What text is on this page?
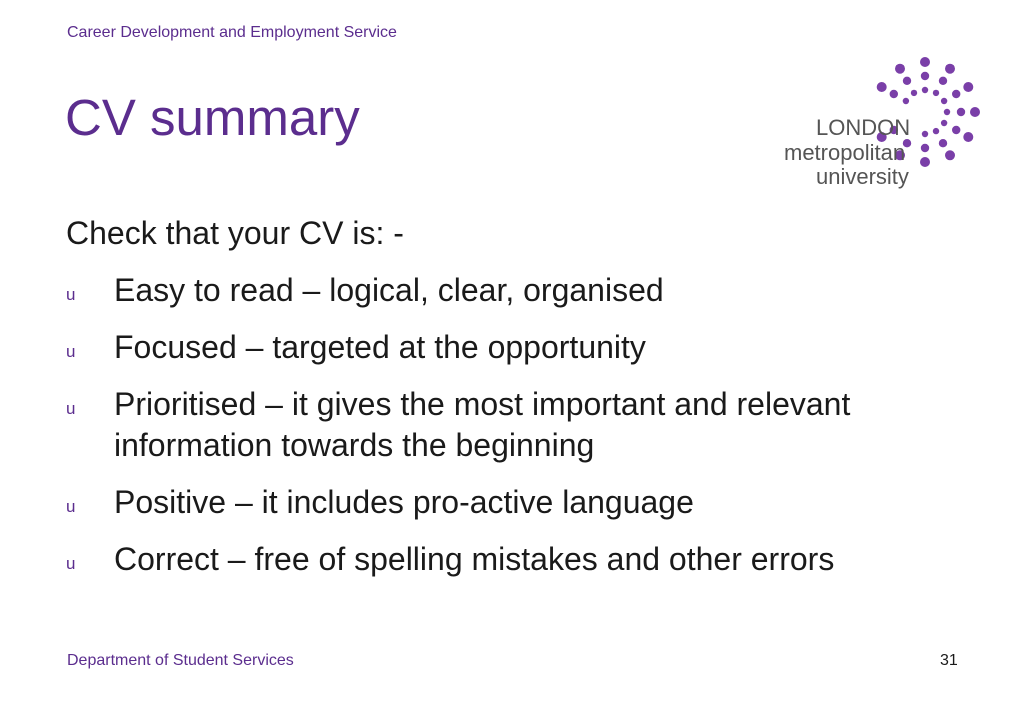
Career Development and Employment Service
CV summary	LONDON
metropolitan
university
Check that your CV is: -
u Easy to read – logical, clear, organised
u Focused – targeted at the opportunity
u Prioritised – it gives the most important and relevant information towards the beginning
u Positive – it includes pro-active language
u Correct – free of spelling mistakes and other errors
Department of Student Services	31
